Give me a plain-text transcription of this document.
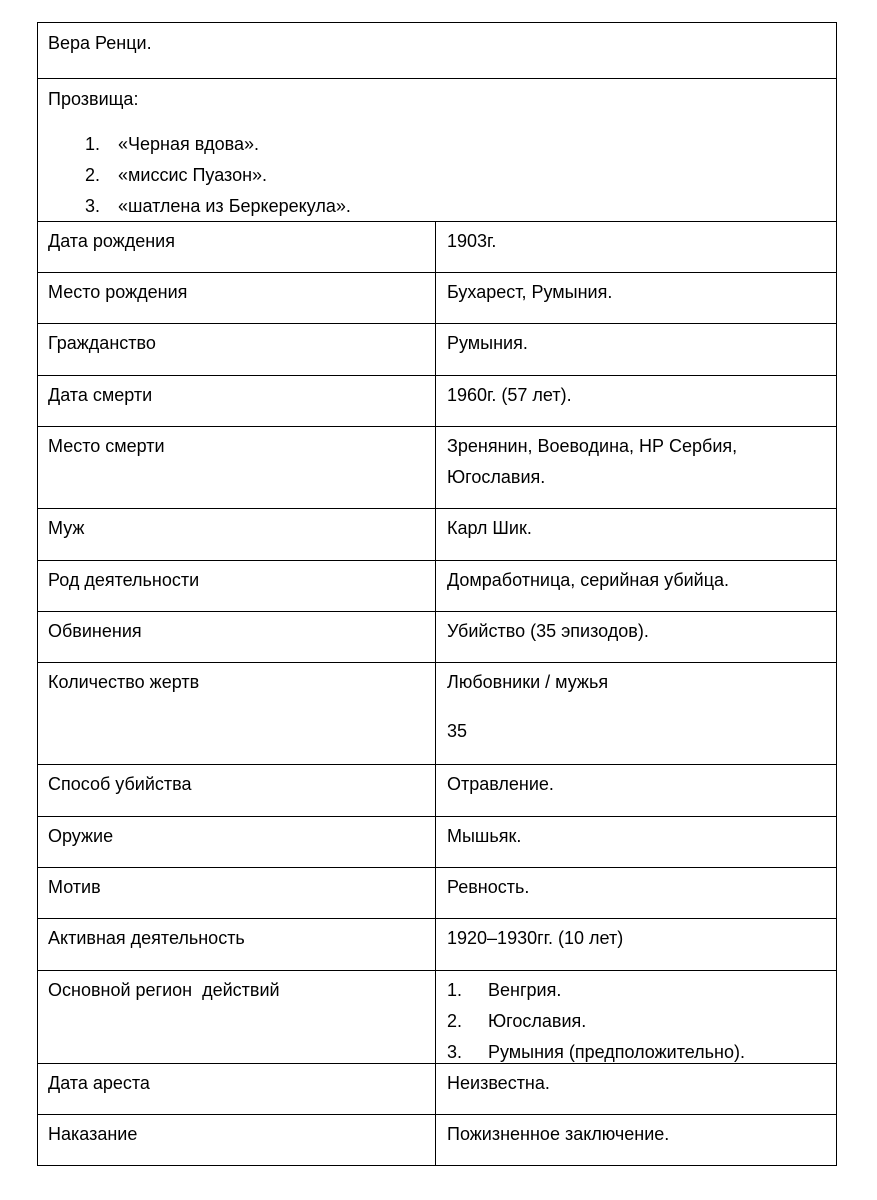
Вера Ренци.
Прозвища:
1. «Черная вдова».
2. «миссис Пуазон».
3. «шатлена из Беркерекула».
Дата рождения	1903г.
Место рождения	Бухарест, Румыния.
Гражданство	Румыния.
Дата смерти	1960г. (57 лет).
Место смерти	Зренянин, Воеводина, НР Сербия, Югославия.
Муж	Карл Шик.
Род деятельности	Домработница, серийная убийца.
Обвинения	Убийство (35 эпизодов).
Количество жертв	Любовники / мужья
35
Способ убийства	Отравление.
Оружие	Мышьяк.
Мотив	Ревность.
Активная деятельность	1920–1930гг. (10 лет)
Основной регион  действий	1. Венгрия.
2. Югославия.
3. Румыния (предположительно).
Дата ареста	Неизвестна.
Наказание	Пожизненное заключение.
